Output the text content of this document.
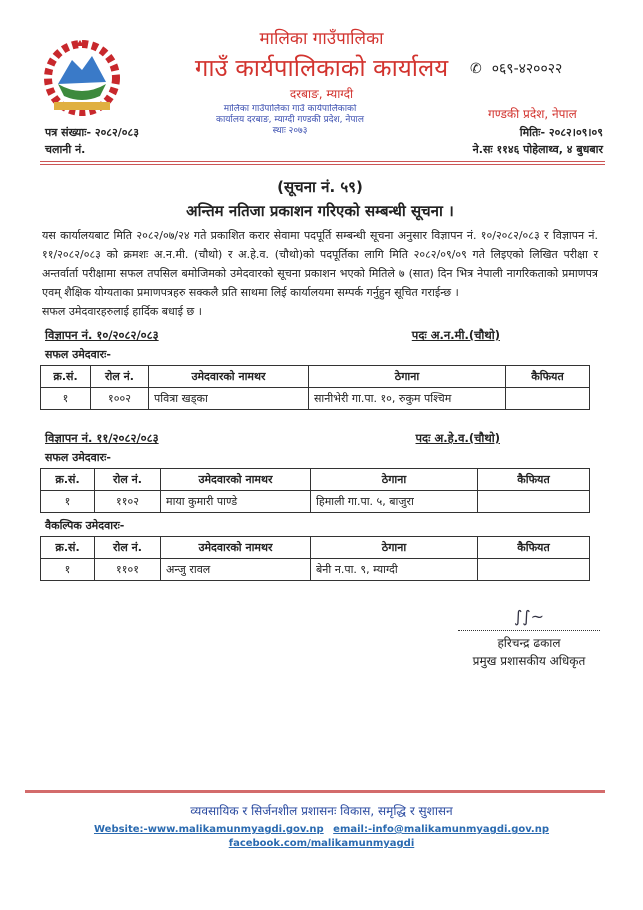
मालिका गाउँपालिका
गाउँ कार्यपालिकाको कार्यालय
दरबाङ, म्याग्दी
✆ ०६९-४२००२२
गण्डकी प्रदेश, नेपाल
मितिः- २०८२।०९।०९
ने.सः ११४६ पोहेलाथ्व, ४ बुधबार
पत्र संख्याः- २०८२/०८३
चलानी नं.
मालिका गाउँपालिका गाउँ कार्यपालिकाको कार्यालय दरबाङ, म्याग्दी गण्डकी प्रदेश, नेपाल स्थाः २०७३
(सूचना नं. ५९)
अन्तिम नतिजा प्रकाशन गरिएको सम्बन्धी सूचना ।
यस कार्यालयबाट मिति २०८२/०७/२४ गते प्रकाशित करार सेवामा पदपूर्ति सम्बन्धी सूचना अनुसार विज्ञापन नं. १०/२०८२/०८३ र विज्ञापन नं. ११/२०८२/०८३ को क्रमशः अ.न.मी. (चौथो) र अ.हे.व. (चौथो)को पदपूर्तिका लागि मिति २०८२/०९/०९ गते लिइएको लिखित परीक्षा र अन्तर्वार्ता परीक्षामा सफल तपसिल बमोजिमको उमेदवारको सूचना प्रकाशन भएको मितिले ७ (सात) दिन भित्र नेपाली नागरिकताको प्रमाणपत्र एवम् शैक्षिक योग्यताका प्रमाणपत्रहरु सक्कलै प्रति साथमा लिई कार्यालयमा सम्पर्क गर्नुहुन सूचित गराईन्छ ।
सफल उमेदवारहरुलाई हार्दिक बधाई छ ।
विज्ञापन नं. १०/२०८२/०८३	पदः अ.न.मी.(चौथो)
सफल उमेदवारः-
क्र.सं.	रोल नं.	उमेदवारको नामथर	ठेगाना	कैफियत
१	१००२	पवित्रा खड्का	सानीभेरी गा.पा. १०, रुकुम पश्चिम	
विज्ञापन नं. ११/२०८२/०८३	पदः अ.हे.व.(चौथो)
सफल उमेदवारः-
क्र.सं.	रोल नं.	उमेदवारको नामथर	ठेगाना	कैफियत
१	११०२	माया कुमारी पाण्डे	हिमाली गा.पा. ५, बाजुरा	
वैकल्पिक उमेदवारः-
क्र.सं.	रोल नं.	उमेदवारको नामथर	ठेगाना	कैफियत
१	११०१	अन्जु रावल	बेनी न.पा. ९, म्याग्दी	
∫∫~
हरिचन्द्र ढकाल
प्रमुख प्रशासकीय अधिकृत
व्यवसायिक र सिर्जनशील प्रशासनः विकास, समृद्धि र सुशासन
Website:-www.malikamunmyagdi.gov.np email:-info@malikamunmyagdi.gov.np facebook.com/malikamunmyagdi
